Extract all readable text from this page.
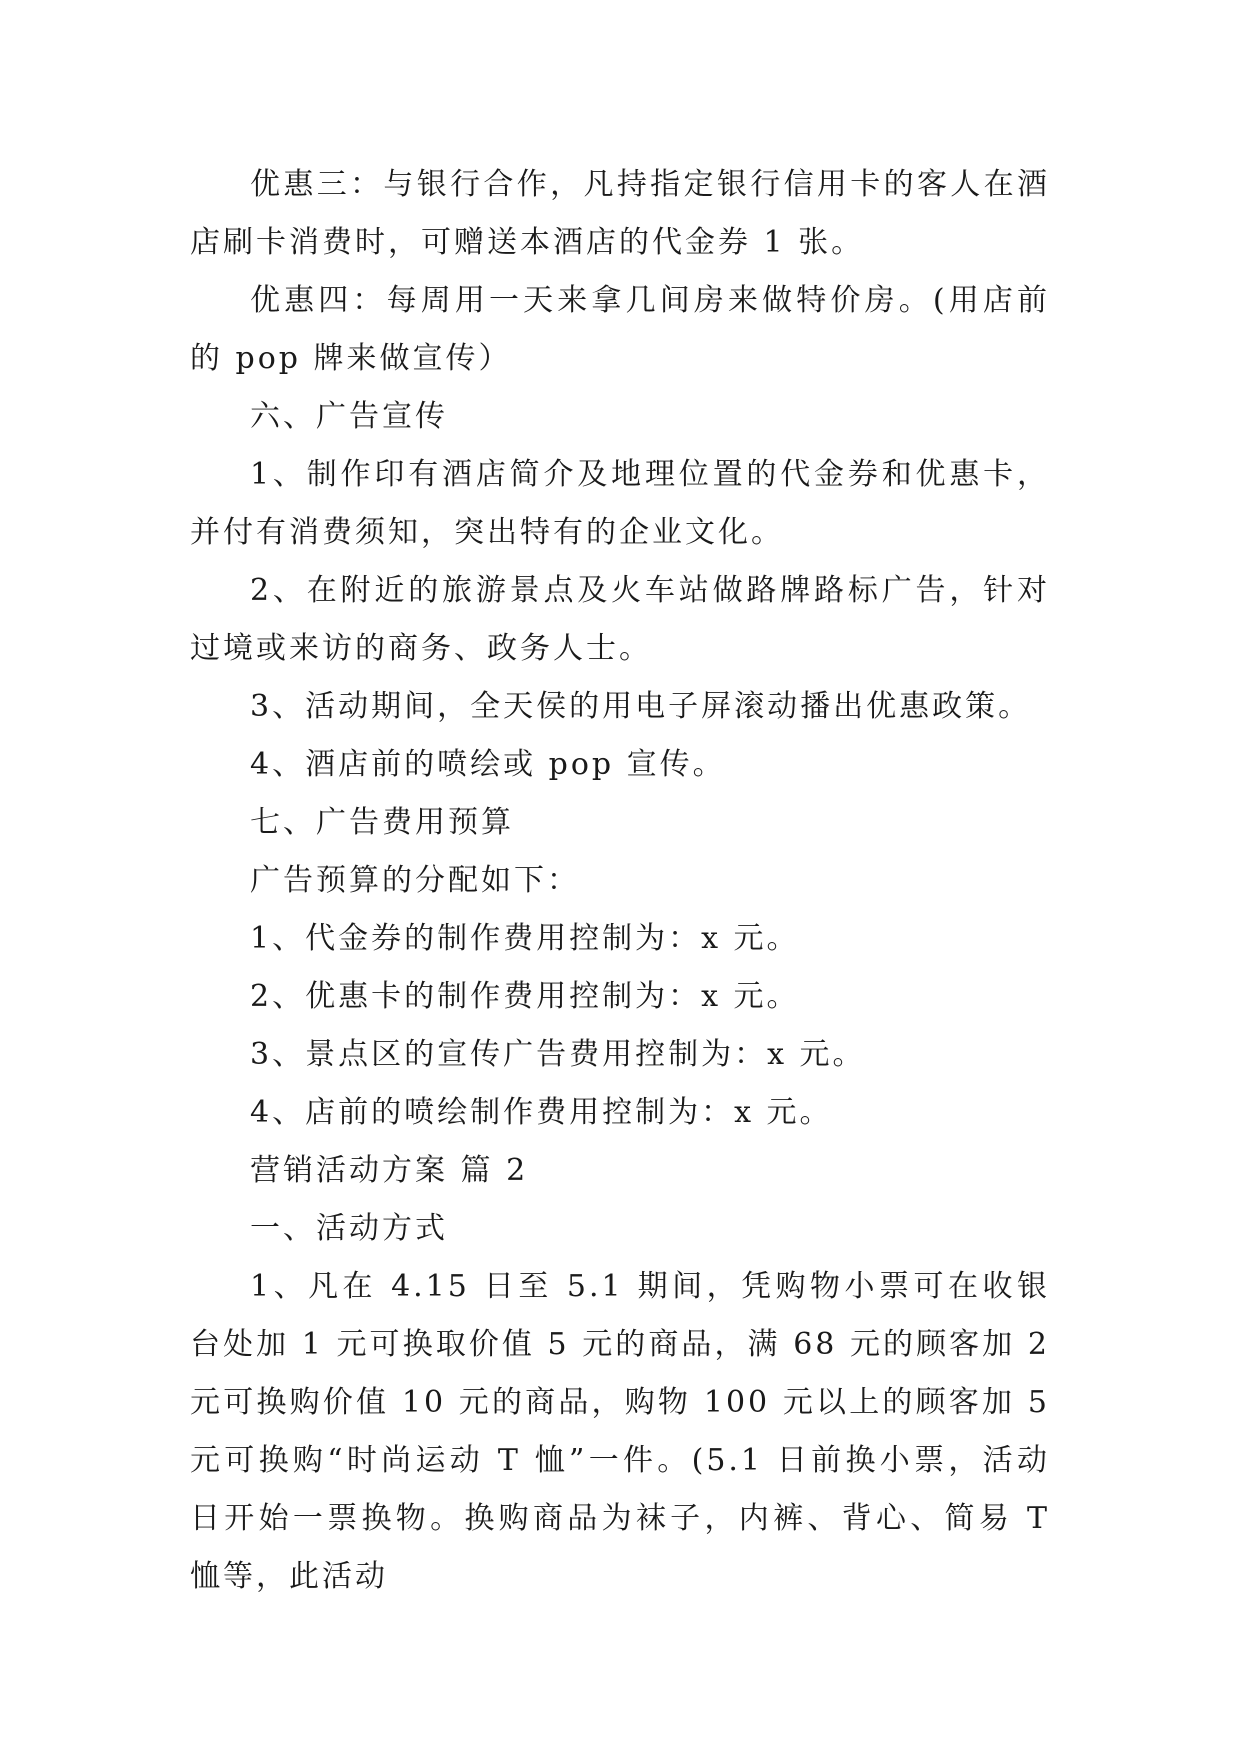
优惠三：与银行合作，凡持指定银行信用卡的客人在酒店刷卡消费时，可赠送本酒店的代金券 1 张。

优惠四：每周用一天来拿几间房来做特价房。(用店前的 pop 牌来做宣传）

六、广告宣传

1、制作印有酒店简介及地理位置的代金券和优惠卡，并付有消费须知，突出特有的企业文化。

2、在附近的旅游景点及火车站做路牌路标广告，针对过境或来访的商务、政务人士。

3、活动期间，全天侯的用电子屏滚动播出优惠政策。

4、酒店前的喷绘或 pop 宣传。

七、广告费用预算

广告预算的分配如下：

1、代金券的制作费用控制为：x 元。

2、优惠卡的制作费用控制为：x 元。

3、景点区的宣传广告费用控制为：x 元。

4、店前的喷绘制作费用控制为：x 元。

营销活动方案 篇 2

一、活动方式

1、凡在 4.15 日至 5.1 期间，凭购物小票可在收银台处加 1 元可换取价值 5 元的商品，满 68 元的顾客加 2 元可换购价值 10 元的商品，购物 100 元以上的顾客加 5 元可换购“时尚运动 T 恤”一件。(5.1 日前换小票，活动日开始一票换物。换购商品为袜子，内裤、背心、简易 T 恤等，此活动
